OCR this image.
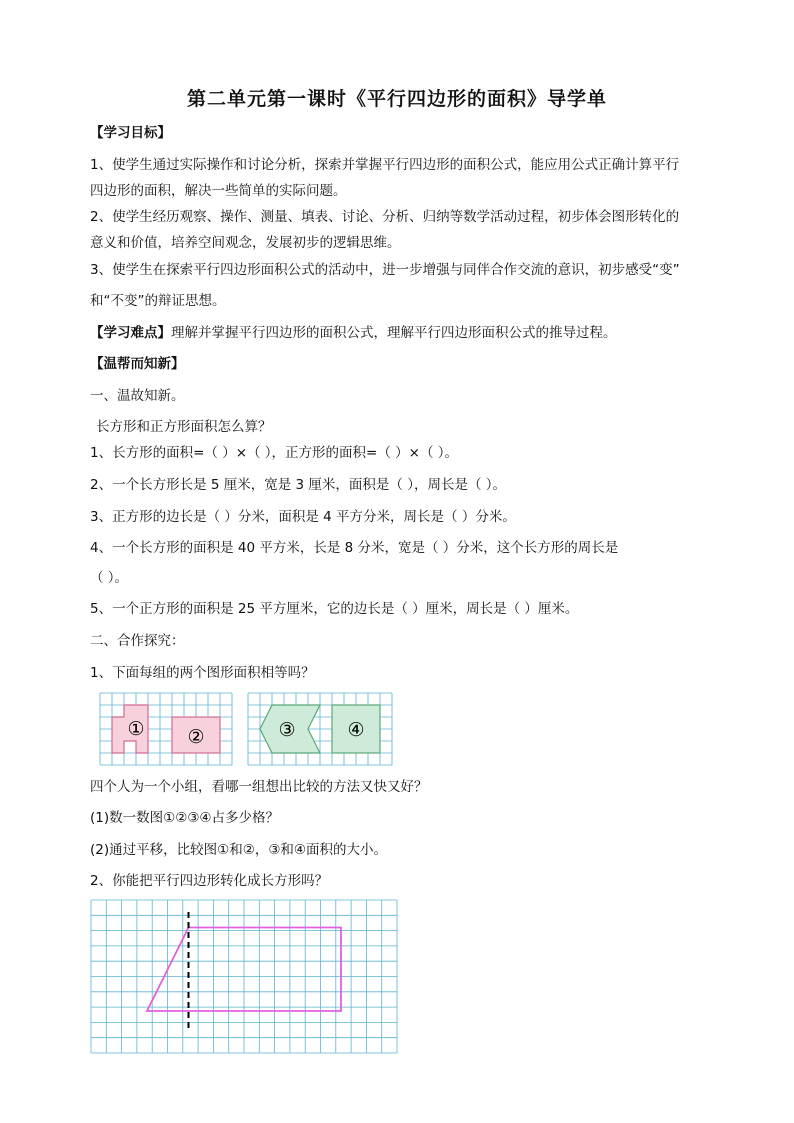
第二单元第一课时《平行四边形的面积》导学单
【学习目标】
1、使学生通过实际操作和讨论分析，探索并掌握平行四边形的面积公式，能应用公式正确计算平行
四边形的面积，解决一些简单的实际问题。
2、使学生经历观察、操作、测量、填表、讨论、分析、归纳等数学活动过程，初步体会图形转化的
意义和价值，培养空间观念，发展初步的逻辑思维。
3、使学生在探索平行四边形面积公式的活动中，进一步增强与同伴合作交流的意识，初步感受“变”
和“不变”的辩证思想。
【学习难点】理解并掌握平行四边形的面积公式，理解平行四边形面积公式的推导过程。
【温帮而知新】
一、温故知新。
长方形和正方形面积怎么算？
1、长方形的面积=（ ）×（ ），正方形的面积=（ ）×（ ）。
2、一个长方形长是 5 厘米，宽是 3 厘米，面积是（ ），周长是（ ）。
3、正方形的边长是（ ）分米，面积是 4 平方分米，周长是（ ）分米。
4、一个长方形的面积是 40 平方米，长是 8 分米，宽是（ ）分米，这个长方形的周长是
（ ）。
5、一个正方形的面积是 25 平方厘米，它的边长是（ ）厘米，周长是（ ）厘米。
二、合作探究：
1、下面每组的两个图形面积相等吗？
① ②	③	④
四个人为一个小组，看哪一组想出比较的方法又快又好？
(1)数一数图①②③④占多少格？
(2)通过平移，比较图①和②，③和④面积的大小。
2、你能把平行四边形转化成长方形吗？
